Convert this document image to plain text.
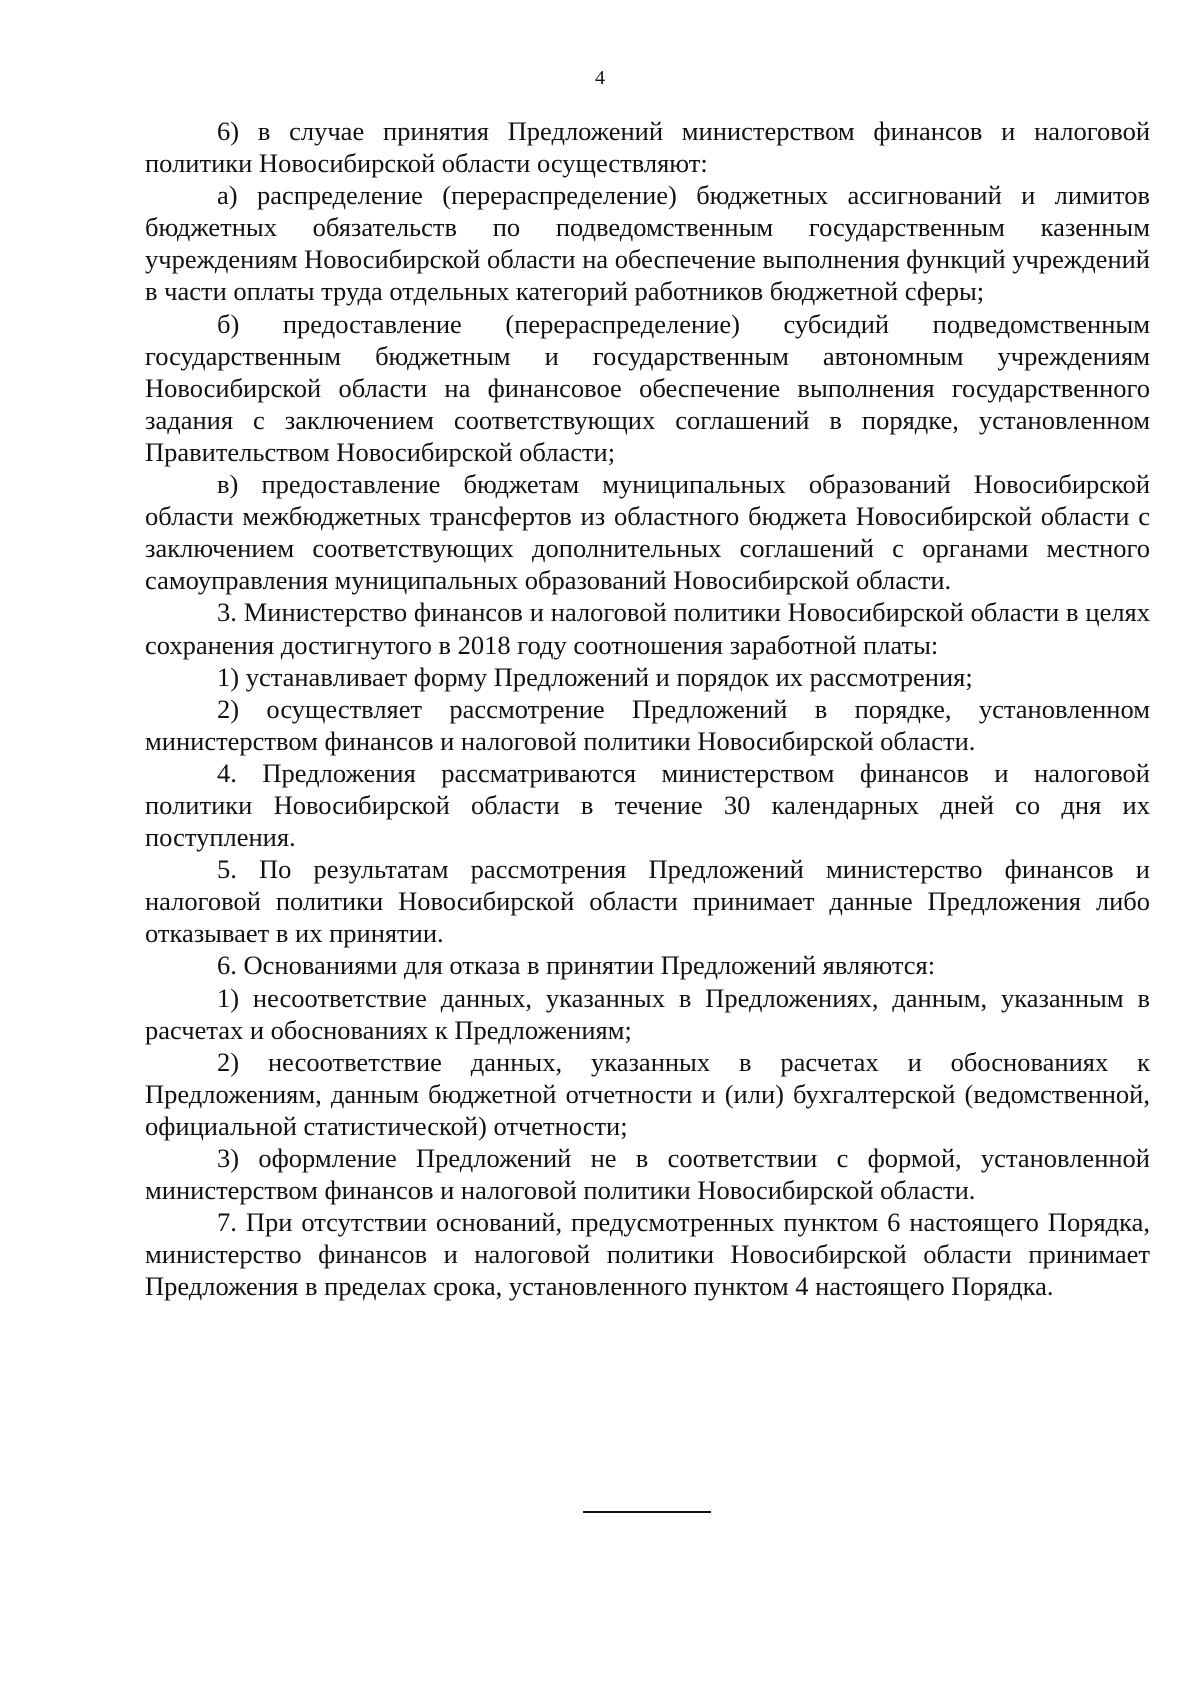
4

6) в случае принятия Предложений министерством финансов и налоговой политики Новосибирской области осуществляют:

а) распределение (перераспределение) бюджетных ассигнований и лимитов бюджетных обязательств по подведомственным государственным казенным учреждениям Новосибирской области на обеспечение выполнения функций учреждений в части оплаты труда отдельных категорий работников бюджетной сферы;

б) предоставление (перераспределение) субсидий подведомственным государственным бюджетным и государственным автономным учреждениям Новосибирской области на финансовое обеспечение выполнения государственного задания с заключением соответствующих соглашений в порядке, установленном Правительством Новосибирской области;

в) предоставление бюджетам муниципальных образований Новосибирской области межбюджетных трансфертов из областного бюджета Новосибирской области с заключением соответствующих дополнительных соглашений с органами местного самоуправления муниципальных образований Новосибирской области.

3. Министерство финансов и налоговой политики Новосибирской области в целях сохранения достигнутого в 2018 году соотношения заработной платы:

1) устанавливает форму Предложений и порядок их рассмотрения;

2) осуществляет рассмотрение Предложений в порядке, установленном министерством финансов и налоговой политики Новосибирской области.

4. Предложения рассматриваются министерством финансов и налоговой политики Новосибирской области в течение 30 календарных дней со дня их поступления.

5. По результатам рассмотрения Предложений министерство финансов и налоговой политики Новосибирской области принимает данные Предложения либо отказывает в их принятии.

6. Основаниями для отказа в принятии Предложений являются:

1) несоответствие данных, указанных в Предложениях, данным, указанным в расчетах и обоснованиях к Предложениям;

2) несоответствие данных, указанных в расчетах и обоснованиях к Предложениям, данным бюджетной отчетности и (или) бухгалтерской (ведомственной, официальной статистической) отчетности;

3) оформление Предложений не в соответствии с формой, установленной министерством финансов и налоговой политики Новосибирской области.

7. При отсутствии оснований, предусмотренных пунктом 6 настоящего Порядка, министерство финансов и налоговой политики Новосибирской области принимает Предложения в пределах срока, установленного пунктом 4 настоящего Порядка.
